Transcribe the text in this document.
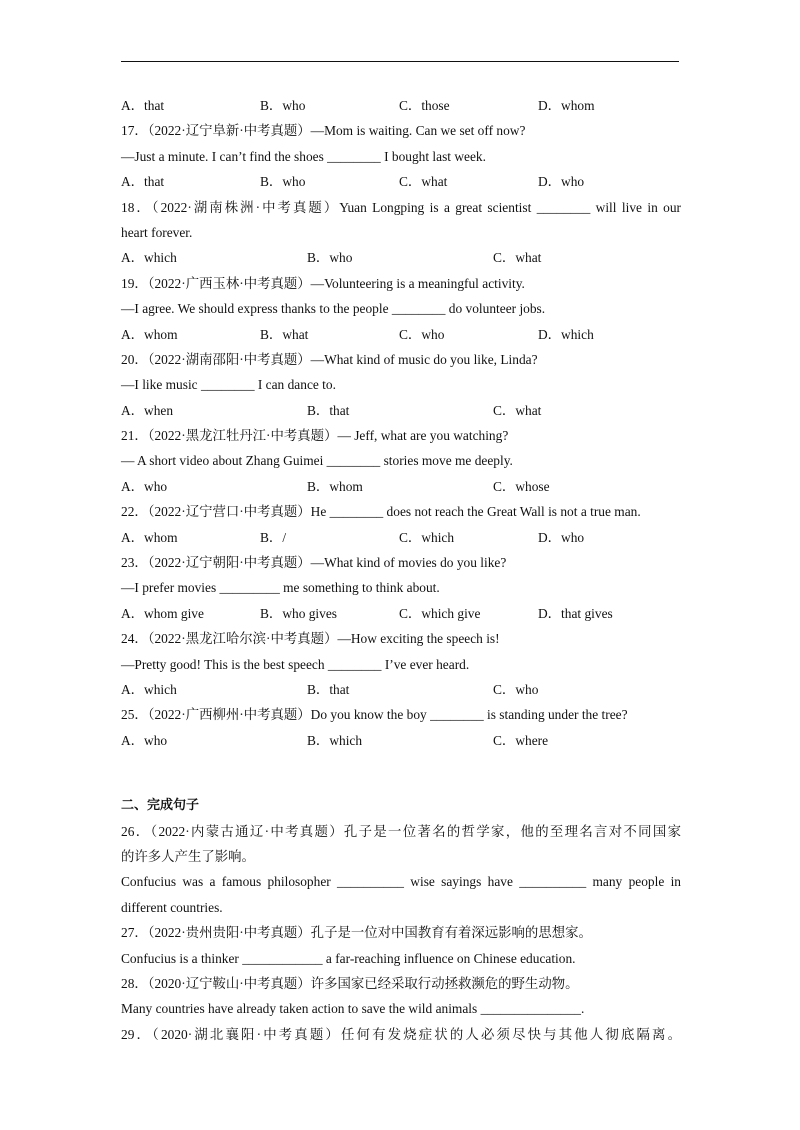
A．that	B．who	C．those	D．whom
17．（2022·辽宁阜新·中考真题）—Mom is waiting. Can we set off now?
—Just a minute. I can’t find the shoes ________ I bought last week.
A．that	B．who	C．what	D．who
18．（2022·湖南株洲·中考真题）Yuan Longping is a great scientist ________ will live in our
heart forever.
A．which	B．who	C．what
19．（2022·广西玉林·中考真题）—Volunteering is a meaningful activity.
—I agree. We should express thanks to the people ________ do volunteer jobs.
A．whom	B．what	C．who	D．which
20．（2022·湖南邵阳·中考真题）—What kind of music do you like, Linda?
—I like music ________ I can dance to.
A．when	B．that	C．what
21．（2022·黑龙江牡丹江·中考真题）— Jeff, what are you watching?
— A short video about Zhang Guimei ________ stories move me deeply.
A．who	B．whom	C．whose
22．（2022·辽宁营口·中考真题）He ________ does not reach the Great Wall is not a true man.
A．whom	B．/	C．which	D．who
23．（2022·辽宁朝阳·中考真题）—What kind of movies do you like?
—I prefer movies _________ me something to think about.
A．whom give	B．who gives	C．which give	D．that gives
24．（2022·黑龙江哈尔滨·中考真题）—How exciting the speech is!
—Pretty good! This is the best speech ________ I’ve ever heard.
A．which	B．that	C．who
25．（2022·广西柳州·中考真题）Do you know the boy ________ is standing under the tree?
A．who	B．which	C．where
二、完成句子
26．（2022·内蒙古通辽·中考真题）孔子是一位著名的哲学家，他的至理名言对不同国家
的许多人产生了影响。
Confucius was a famous philosopher __________ wise sayings have __________ many people in
different countries.
27．（2022·贵州贵阳·中考真题）孔子是一位对中国教育有着深远影响的思想家。
Confucius is a thinker ____________ a far-reaching influence on Chinese education.
28．（2020·辽宁鞍山·中考真题）许多国家已经采取行动拯救濒危的野生动物。
Many countries have already taken action to save the wild animals _______________.
29．（2020·湖北襄阳·中考真题）任何有发烧症状的人必须尽快与其他人彻底隔离。
